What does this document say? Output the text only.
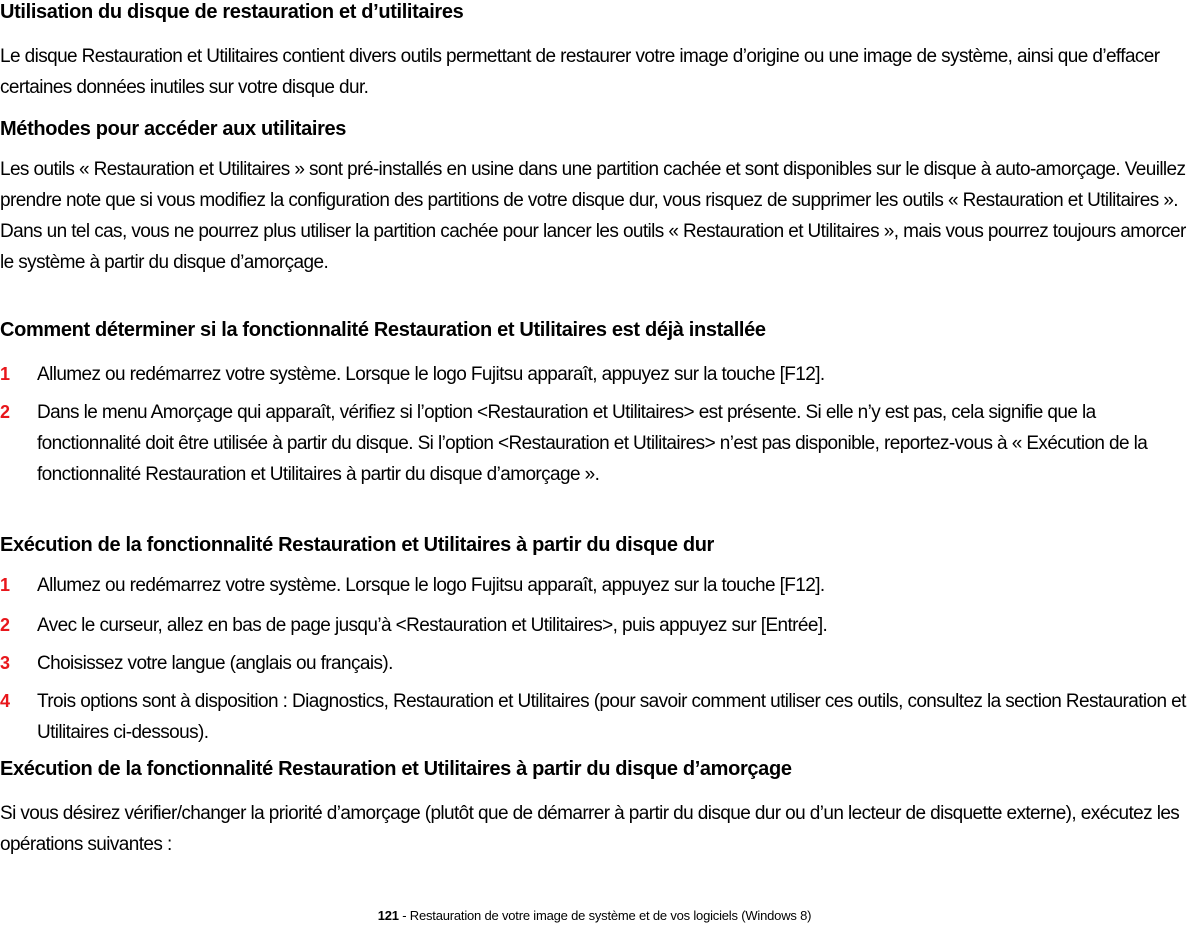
Utilisation du disque de restauration et d’utilitaires
Le disque Restauration et Utilitaires contient divers outils permettant de restaurer votre image d’origine ou une image de système, ainsi que d’effacer certaines données inutiles sur votre disque dur.
Méthodes pour accéder aux utilitaires
Les outils « Restauration et Utilitaires » sont pré-installés en usine dans une partition cachée et sont disponibles sur le disque à auto-amorçage. Veuillez prendre note que si vous modifiez la configuration des partitions de votre disque dur, vous risquez de supprimer les outils « Restauration et Utilitaires ». Dans un tel cas, vous ne pourrez plus utiliser la partition cachée pour lancer les outils « Restauration et Utilitaires », mais vous pourrez toujours amorcer le système à partir du disque d’amorçage.
Comment déterminer si la fonctionnalité Restauration et Utilitaires est déjà installée
1	Allumez ou redémarrez votre système. Lorsque le logo Fujitsu apparaît, appuyez sur la touche [F12].
2	Dans le menu Amorçage qui apparaît, vérifiez si l’option <Restauration et Utilitaires> est présente. Si elle n’y est pas, cela signifie que la fonctionnalité doit être utilisée à partir du disque. Si l’option <Restauration et Utilitaires> n’est pas disponible, reportez-vous à « Exécution de la fonctionnalité Restauration et Utilitaires à partir du disque d’amorçage ».
Exécution de la fonctionnalité Restauration et Utilitaires à partir du disque dur
1	Allumez ou redémarrez votre système. Lorsque le logo Fujitsu apparaît, appuyez sur la touche [F12].
2	Avec le curseur, allez en bas de page jusqu’à <Restauration et Utilitaires>, puis appuyez sur [Entrée].
3	Choisissez votre langue (anglais ou français).
4	Trois options sont à disposition : Diagnostics, Restauration et Utilitaires (pour savoir comment utiliser ces outils, consultez la section Restauration et Utilitaires ci-dessous).
Exécution de la fonctionnalité Restauration et Utilitaires à partir du disque d’amorçage
Si vous désirez vérifier/changer la priorité d’amorçage (plutôt que de démarrer à partir du disque dur ou d’un lecteur de disquette externe), exécutez les opérations suivantes :
121 - Restauration de votre image de système et de vos logiciels (Windows 8)
